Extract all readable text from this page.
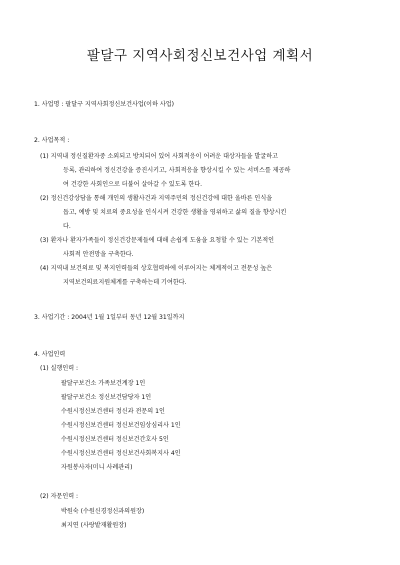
팔달구 지역사회정신보건사업 계획서
1. 사업명 : 팔달구 지역사회정신보건사업(이하 사업)
2. 사업목적 :
(1) 지역내 정신질환자중 소외되고 방치되어 있어 사회적응이 어려운 대상자들을 발굴하고
등록, 관리하여 정신건강을 증진시키고, 사회적응을 향상시킬 수 있는 서비스를 제공하
여 건강한 사회인으로 더불어 살아갈 수 있도록 한다.
(2) 정신건강상담을 통해 개인의 생활사건과 지역주민의 정신건강에 대한 올바른 인식을
돕고, 예방 및 치료의 중요성을 인식시켜 건강한 생활을 영위하고 삶의 질을 향상시킨
다.
(3) 환자나 환자가족들이 정신건강문제들에 대해 손쉽게 도움을 요청할 수 있는 기본적인
사회적 안전망을 구축한다.
(4) 지역내 보건의료 및 복지인력들의 상호협력하에 이루어지는 체계적이고 전문성 높은
지역보건의료지원체계를 구축하는데 기여한다.
3. 사업기간 : 2004년 1월 1일부터 동년 12월 31일까지
4. 사업인력
(1) 실행인력 :
팔달구보건소 가족보건계장 1인
팔달구보건소 정신보건담당자 1인
수원시정신보건센터 정신과 전문의 1인
수원시정신보건센터 정신보건임상심리사 1인
수원시정신보건센터 정신보건간호사 5인
수원시정신보건센터 정신보건사회복지사 4인
자원봉사자(미니 사례관리)
(2) 자문인력 :
박원숙 (수원신경정신과의원장)
최지연 (사랑밭재활원장)
